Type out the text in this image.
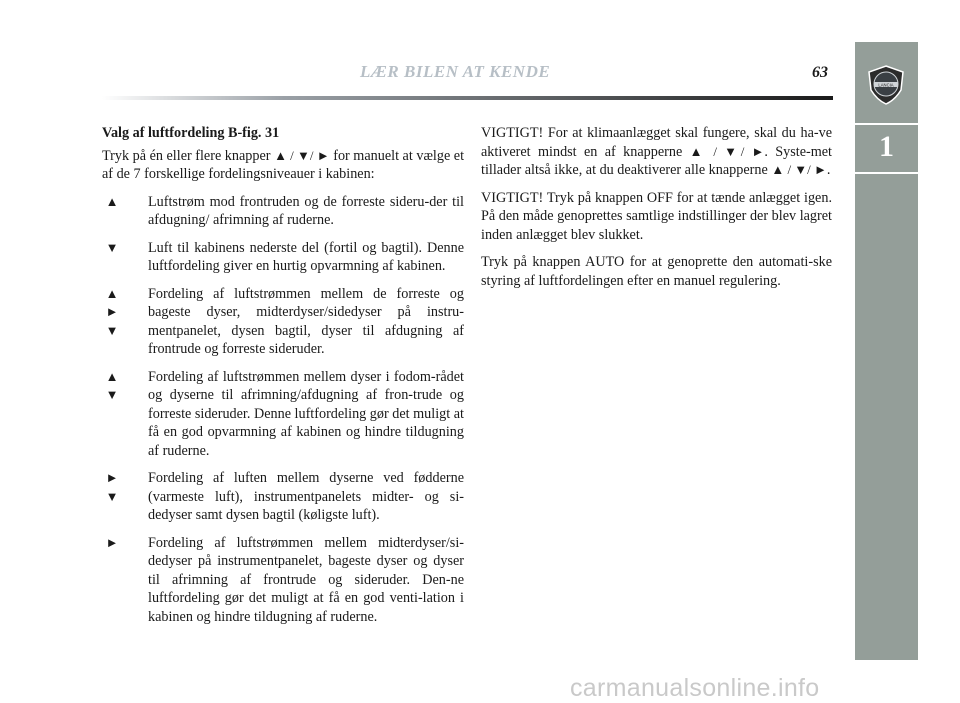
LÆR BILEN AT KENDE	63
LANCIA
1

Valg af luftfordeling B-fig. 31

Tryk på én eller flere knapper ▲ / ▼/ ► for manuelt at vælge et af de 7 forskellige fordelingsniveauer i kabinen:

▲ Luftstrøm mod frontruden og de forreste sideru-der til afdugning/ afrimning af ruderne.
▼ Luft til kabinens nederste del (fortil og bagtil). Denne luftfordeling giver en hurtig opvarmning af kabinen.
▲
►
▼
Fordeling af luftstrømmen mellem de forreste og bageste dyser, midterdyser/sidedyser på instru-mentpanelet, dysen bagtil, dyser til afdugning af frontrude og forreste sideruder.
▲
▼
Fordeling af luftstrømmen mellem dyser i fodom-rådet og dyserne til afrimning/afdugning af fron-trude og forreste sideruder. Denne luftfordeling gør det muligt at få en god opvarmning af kabinen og hindre tildugning af ruderne.
►
▼
Fordeling af luften mellem dyserne ved fødderne (varmeste luft), instrumentpanelets midter- og si-dedyser samt dysen bagtil (køligste luft).
► Fordeling af luftstrømmen mellem midterdyser/si-dedyser på instrumentpanelet, bageste dyser og dyser til afrimning af frontrude og sideruder. Den-ne luftfordeling gør det muligt at få en god venti-lation i kabinen og hindre tildugning af ruderne.

VIGTIGT! For at klimaanlægget skal fungere, skal du ha-ve aktiveret mindst en af knapperne ▲ / ▼/ ►. Syste-met tillader altså ikke, at du deaktiverer alle knapperne ▲ / ▼/ ►.

VIGTIGT! Tryk på knappen OFF for at tænde anlægget igen. På den måde genoprettes samtlige indstillinger der blev lagret inden anlægget blev slukket.

Tryk på knappen AUTO for at genoprette den automati-ske styring af luftfordelingen efter en manuel regulering.

carmanualsonline.info
